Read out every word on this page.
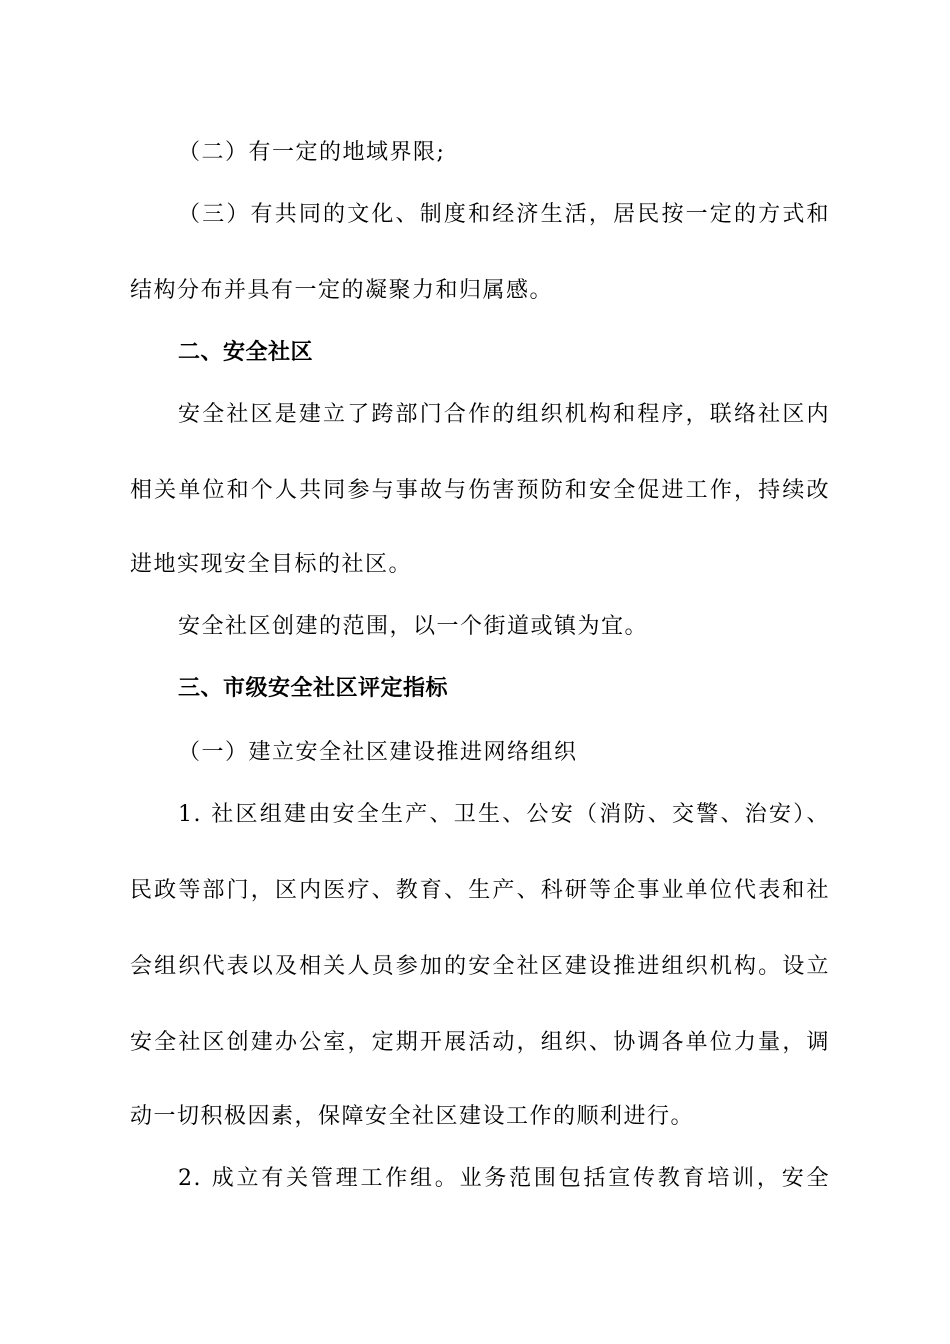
（二）有一定的地域界限;

（三）有共同的文化、制度和经济生活，居民按一定的方式和

结构分布并具有一定的凝聚力和归属感。

二、安全社区

安全社区是建立了跨部门合作的组织机构和程序，联络社区内

相关单位和个人共同参与事故与伤害预防和安全促进工作，持续改

进地实现安全目标的社区。

安全社区创建的范围，以一个街道或镇为宜。

三、市级安全社区评定指标

（一）建立安全社区建设推进网络组织

1. 社区组建由安全生产、卫生、公安（消防、交警、治安）、

民政等部门，区内医疗、教育、生产、科研等企事业单位代表和社

会组织代表以及相关人员参加的安全社区建设推进组织机构。设立

安全社区创建办公室，定期开展活动，组织、协调各单位力量，调

动一切积极因素，保障安全社区建设工作的顺利进行。

2. 成立有关管理工作组。业务范围包括宣传教育培训，安全
